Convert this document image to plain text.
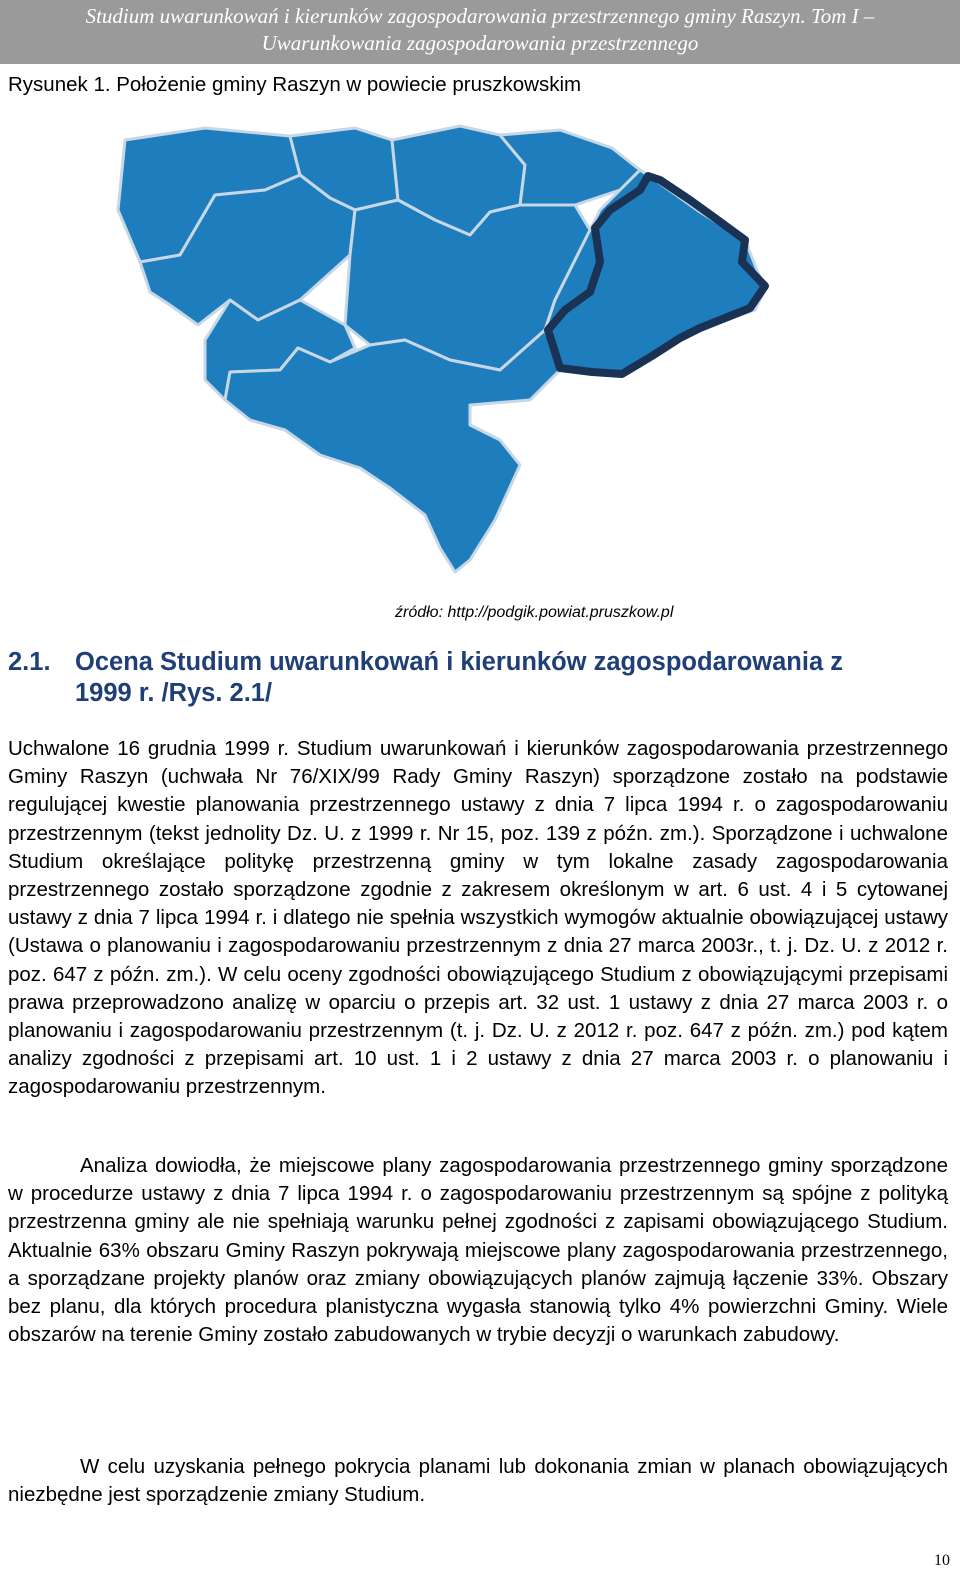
Studium uwarunkowań i kierunków zagospodarowania przestrzennego gminy Raszyn. Tom I –
Uwarunkowania zagospodarowania przestrzennego
Rysunek 1. Położenie gminy Raszyn w powiecie pruszkowskim
źródło: http://podgik.powiat.pruszkow.pl
2.1. Ocena Studium uwarunkowań i kierunków zagospodarowania z
1999 r. /Rys. 2.1/

Uchwalone 16 grudnia 1999 r. Studium uwarunkowań i kierunków zagospodarowania przestrzennego Gminy Raszyn (uchwała Nr 76/XIX/99 Rady Gminy Raszyn) sporządzone zostało na podstawie regulującej kwestie planowania przestrzennego ustawy z dnia 7 lipca 1994 r. o zagospodarowaniu przestrzennym (tekst jednolity Dz. U. z 1999 r. Nr 15, poz. 139 z późn. zm.). Sporządzone i uchwalone Studium określające politykę przestrzenną gminy w tym lokalne zasady zagospodarowania przestrzennego zostało sporządzone zgodnie z zakresem określonym w art. 6 ust. 4 i 5 cytowanej ustawy z dnia 7 lipca 1994 r. i dlatego nie spełnia wszystkich wymogów aktualnie obowiązującej ustawy (Ustawa o planowaniu i zagospodarowaniu przestrzennym z dnia 27 marca 2003r., t. j. Dz. U. z 2012 r. poz. 647 z późn. zm.). W celu oceny zgodności obowiązującego Studium z obowiązującymi przepisami prawa przeprowadzono analizę w oparciu o przepis art. 32 ust. 1 ustawy z dnia 27 marca 2003 r. o planowaniu i zagospodarowaniu przestrzennym (t. j. Dz. U. z 2012 r. poz. 647 z późn. zm.) pod kątem analizy zgodności z przepisami art. 10 ust. 1 i 2 ustawy z dnia 27 marca 2003 r. o planowaniu i zagospodarowaniu przestrzennym.

Analiza dowiodła, że miejscowe plany zagospodarowania przestrzennego gminy sporządzone w procedurze ustawy z dnia 7 lipca 1994 r. o zagospodarowaniu przestrzennym są spójne z polityką przestrzenna gminy ale nie spełniają warunku pełnej zgodności z zapisami obowiązującego Studium. Aktualnie 63% obszaru Gminy Raszyn pokrywają miejscowe plany zagospodarowania przestrzennego, a sporządzane projekty planów oraz zmiany obowiązujących planów zajmują łączenie 33%. Obszary bez planu, dla których procedura planistyczna wygasła stanowią tylko 4% powierzchni Gminy. Wiele obszarów na terenie Gminy zostało zabudowanych w trybie decyzji o warunkach zabudowy.

W celu uzyskania pełnego pokrycia planami lub dokonania zmian w planach obowiązujących niezbędne jest sporządzenie zmiany Studium.

10
